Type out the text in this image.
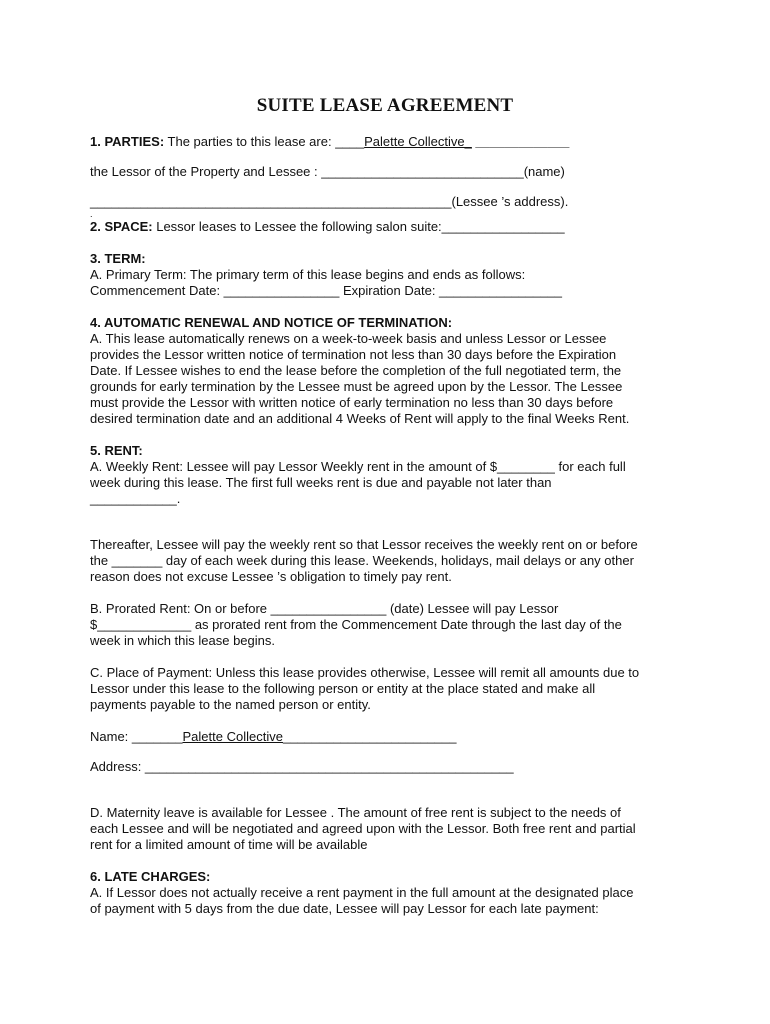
SUITE LEASE AGREEMENT

1. PARTIES: The parties to this lease are: ____Palette Collective_ _____________

the Lessor of the Property and Lessee : ____________________________(name)

__________________________________________________(Lessee ’s address).

.

2. SPACE: Lessor leases to Lessee the following salon suite:_________________

3. TERM:

A. Primary Term: The primary term of this lease begins and ends as follows:

Commencement Date: ________________ Expiration Date: _________________

4. AUTOMATIC RENEWAL AND NOTICE OF TERMINATION:

A. This lease automatically renews on a week-to-week basis and unless Lessor or Lessee

provides the Lessor written notice of termination not less than 30 days before the Expiration

Date. If Lessee wishes to end the lease before the completion of the full negotiated term, the

grounds for early termination by the Lessee must be agreed upon by the Lessor. The Lessee

must provide the Lessor with written notice of early termination no less than 30 days before

desired termination date and an additional 4 Weeks of Rent will apply to the final Weeks Rent.

5. RENT:

A. Weekly Rent: Lessee will pay Lessor Weekly rent in the amount of $________ for each full

week during this lease. The first full weeks rent is due and payable not later than

____________.

Thereafter, Lessee will pay the weekly rent so that Lessor receives the weekly rent on or before

the _______ day of each week during this lease. Weekends, holidays, mail delays or any other

reason does not excuse Lessee ’s obligation to timely pay rent.

B. Prorated Rent: On or before ________________ (date) Lessee will pay Lessor

$_____________ as prorated rent from the Commencement Date through the last day of the

week in which this lease begins.

C. Place of Payment: Unless this lease provides otherwise, Lessee will remit all amounts due to

Lessor under this lease to the following person or entity at the place stated and make all

payments payable to the named person or entity.

Name: _______Palette Collective________________________

Address: ___________________________________________________

D. Maternity leave is available for Lessee . The amount of free rent is subject to the needs of

each Lessee and will be negotiated and agreed upon with the Lessor. Both free rent and partial

rent for a limited amount of time will be available

6. LATE CHARGES:

A. If Lessor does not actually receive a rent payment in the full amount at the designated place

of payment with 5 days from the due date, Lessee will pay Lessor for each late payment:
